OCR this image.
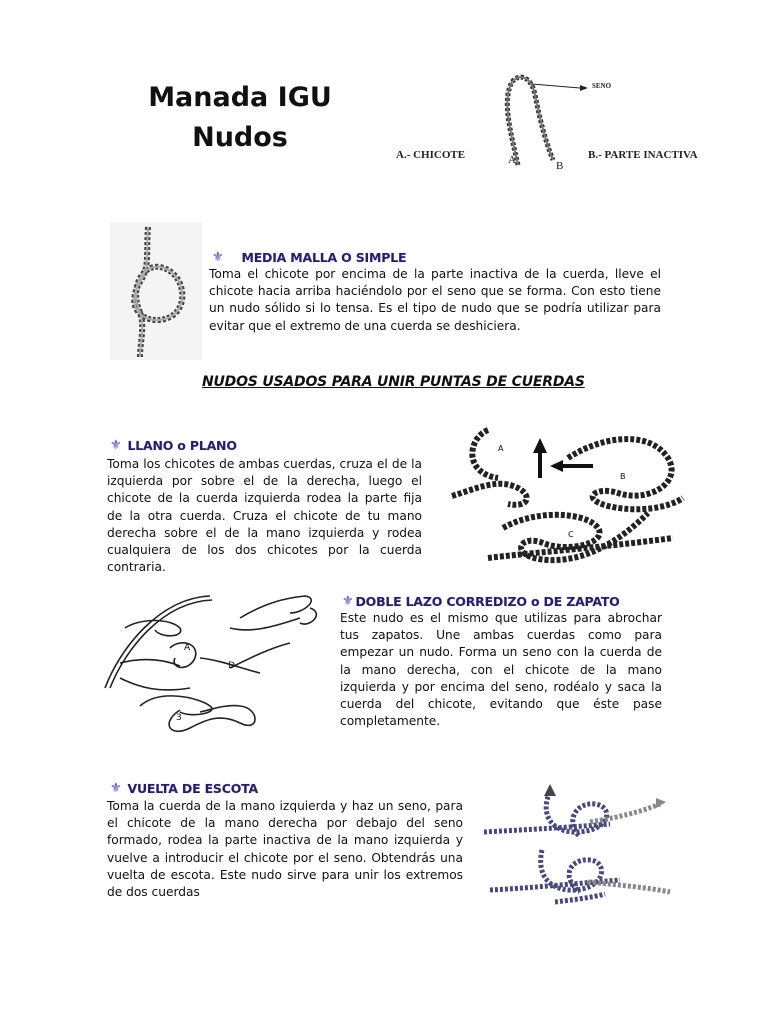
Manada IGU
Nudos
SENO
A.- CHICOTE	B.- PARTE INACTIVA
A	B
⚜ MEDIA MALLA O SIMPLE
Toma el chicote por encima de la parte inactiva de la cuerda, lleve el chicote hacia arriba haciéndolo por el seno que se forma. Con esto tiene un nudo sólido si lo tensa. Es el tipo de nudo que se podría utilizar para evitar que el extremo de una cuerda se deshiciera.
NUDOS USADOS PARA UNIR PUNTAS DE CUERDAS
⚜ LLANO o PLANO
Toma los chicotes de ambas cuerdas, cruza el de la izquierda por sobre el de la derecha, luego el chicote de la cuerda izquierda rodea la parte fija de la otra cuerda. Cruza el chicote de tu mano derecha sobre el de la mano izquierda y rodea cualquiera de los dos chicotes por la cuerda contraria.
A
B
C
A
D
3
⚜ DOBLE LAZO CORREDIZO o DE ZAPATO
Este nudo es el mismo que utilizas para abrochar tus zapatos. Une ambas cuerdas como para empezar un nudo. Forma un seno con la cuerda de la mano derecha, con el chicote de la mano izquierda y por encima del seno, rodéalo y saca la cuerda del chicote, evitando que éste pase completamente.
⚜ VUELTA DE ESCOTA
Toma la cuerda de la mano izquierda y haz un seno, para el chicote de la mano derecha por debajo del seno formado, rodea la parte inactiva de la mano izquierda y vuelve a introducir el chicote por el seno. Obtendrás una vuelta de escota. Este nudo sirve para unir los extremos de dos cuerdas
